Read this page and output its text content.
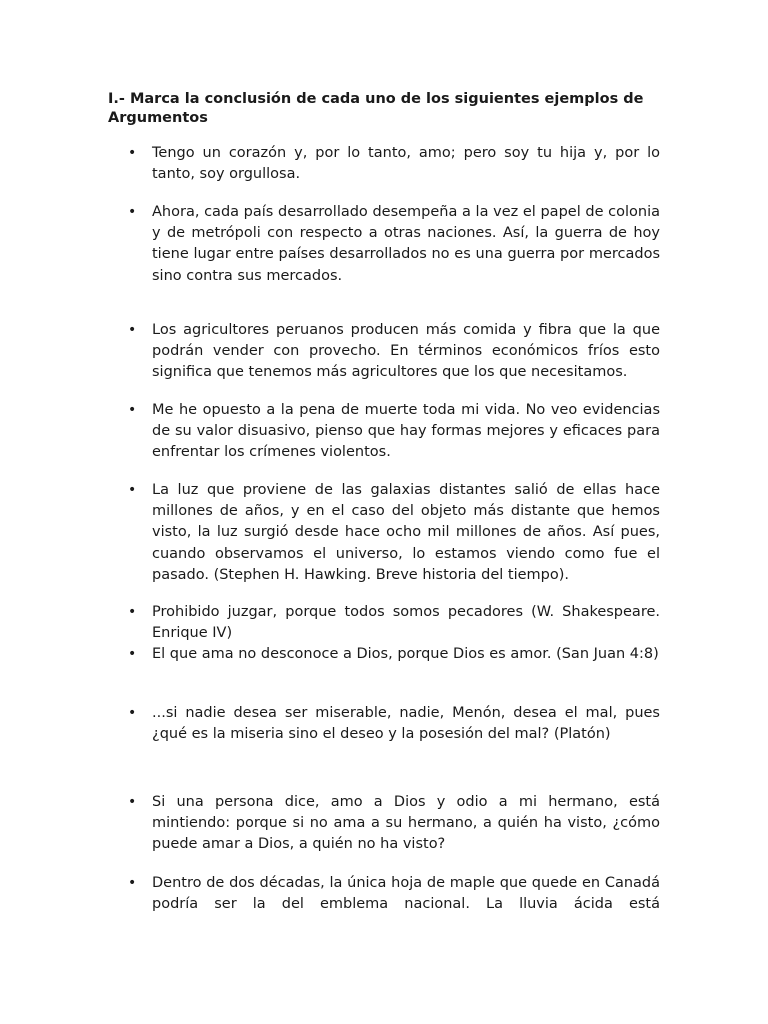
I.- Marca la conclusión de cada uno de los siguientes ejemplos de Argumentos
•	Tengo un corazón y, por lo tanto, amo; pero soy tu hija y, por lo tanto, soy orgullosa.
•	Ahora, cada país desarrollado desempeña a la vez el papel de colonia y de metrópoli con respecto a otras naciones. Así, la guerra de hoy tiene lugar entre países desarrollados no es una guerra por mercados sino contra sus mercados.
•	Los agricultores peruanos producen más comida y fibra que la que podrán vender con provecho. En términos económicos fríos esto significa que tenemos más agricultores que los que necesitamos.
•	Me he opuesto a la pena de muerte toda mi vida. No veo evidencias de su valor disuasivo, pienso que hay formas mejores y eficaces para enfrentar los crímenes violentos.
•	La luz que proviene de las galaxias distantes salió de ellas hace millones de años, y en el caso del objeto más distante que hemos visto, la luz surgió desde hace ocho mil millones de años. Así pues, cuando observamos el universo, lo estamos viendo como fue el pasado. (Stephen H. Hawking. Breve historia del tiempo).
•	Prohibido juzgar, porque todos somos pecadores (W. Shakespeare. Enrique IV)
•	El que ama no desconoce a Dios, porque Dios es amor. (San Juan 4:8)
•	...si nadie desea ser miserable, nadie, Menón, desea el mal, pues ¿qué es la miseria sino el deseo y la posesión del mal? (Platón)
•	Si una persona dice, amo a Dios y odio a mi hermano, está mintiendo: porque si no ama a su hermano, a quién ha visto, ¿cómo puede amar a Dios, a quién no ha visto?
•	Dentro de dos décadas, la única hoja de maple que quede en Canadá podría ser la del emblema nacional. La lluvia ácida está
